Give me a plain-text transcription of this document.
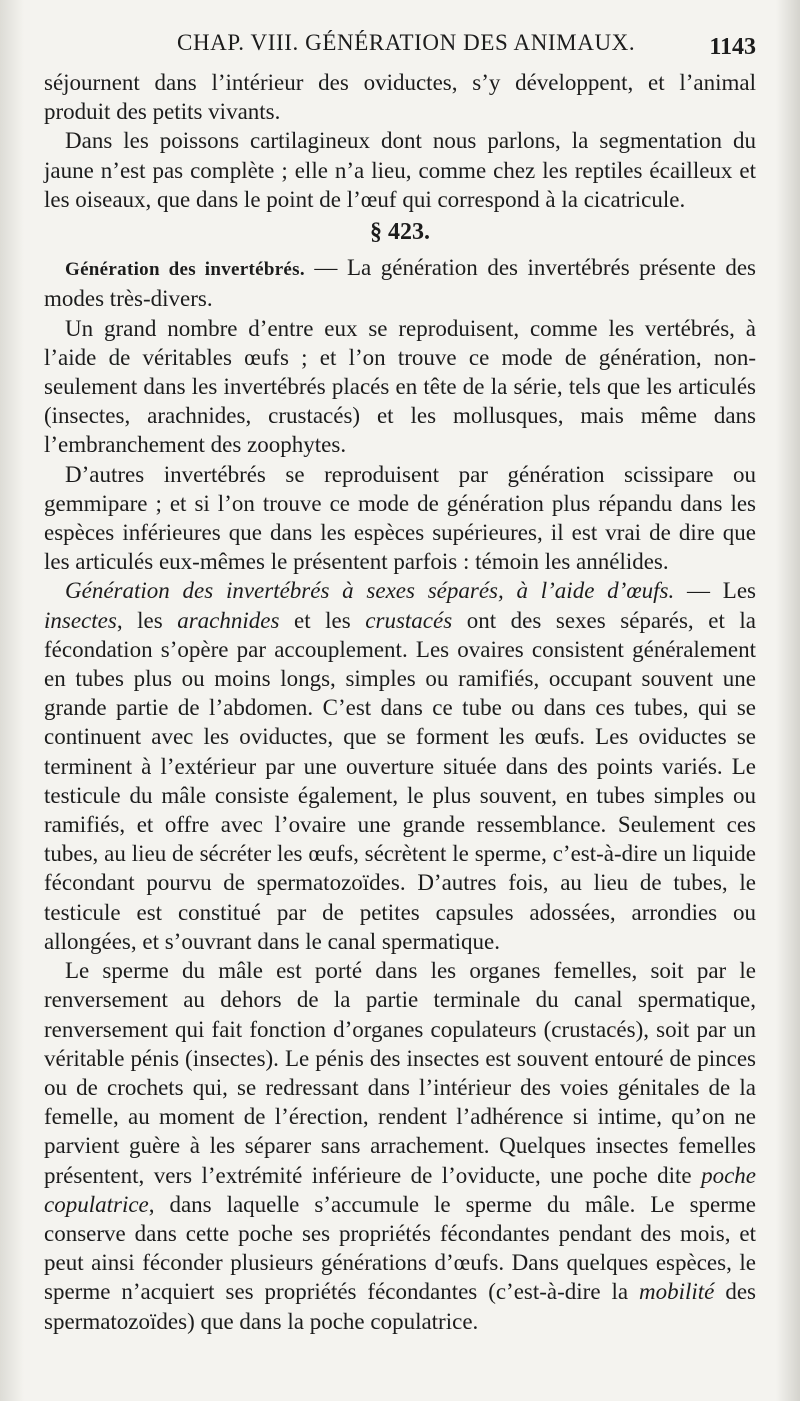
CHAP. VIII. GÉNÉRATION DES ANIMAUX.	1143

séjournent dans l’intérieur des oviductes, s’y développent, et l’animal produit des petits vivants.

Dans les poissons cartilagineux dont nous parlons, la segmentation du jaune n’est pas complète ; elle n’a lieu, comme chez les reptiles écailleux et les oiseaux, que dans le point de l’œuf qui correspond à la cicatricule.

§ 423.

Génération des invertébrés. — La génération des invertébrés présente des modes très-divers.

Un grand nombre d’entre eux se reproduisent, comme les vertébrés, à l’aide de véritables œufs ; et l’on trouve ce mode de génération, non-seulement dans les invertébrés placés en tête de la série, tels que les articulés (insectes, arachnides, crustacés) et les mollusques, mais même dans l’embranchement des zoophytes.

D’autres invertébrés se reproduisent par génération scissipare ou gemmipare ; et si l’on trouve ce mode de génération plus répandu dans les espèces inférieures que dans les espèces supérieures, il est vrai de dire que les articulés eux-mêmes le présentent parfois : témoin les annélides.

Génération des invertébrés à sexes séparés, à l’aide d’œufs. — Les insectes, les arachnides et les crustacés ont des sexes séparés, et la fécondation s’opère par accouplement. Les ovaires consistent généralement en tubes plus ou moins longs, simples ou ramifiés, occupant souvent une grande partie de l’abdomen. C’est dans ce tube ou dans ces tubes, qui se continuent avec les oviductes, que se forment les œufs. Les oviductes se terminent à l’extérieur par une ouverture située dans des points variés. Le testicule du mâle consiste également, le plus souvent, en tubes simples ou ramifiés, et offre avec l’ovaire une grande ressemblance. Seulement ces tubes, au lieu de sécréter les œufs, sécrètent le sperme, c’est-à-dire un liquide fécondant pourvu de spermatozoïdes. D’autres fois, au lieu de tubes, le testicule est constitué par de petites capsules adossées, arrondies ou allongées, et s’ouvrant dans le canal spermatique.

Le sperme du mâle est porté dans les organes femelles, soit par le renversement au dehors de la partie terminale du canal spermatique, renversement qui fait fonction d’organes copulateurs (crustacés), soit par un véritable pénis (insectes). Le pénis des insectes est souvent entouré de pinces ou de crochets qui, se redressant dans l’intérieur des voies génitales de la femelle, au moment de l’érection, rendent l’adhérence si intime, qu’on ne parvient guère à les séparer sans arrachement. Quelques insectes femelles présentent, vers l’extrémité inférieure de l’oviducte, une poche dite poche copulatrice, dans laquelle s’accumule le sperme du mâle. Le sperme conserve dans cette poche ses propriétés fécondantes pendant des mois, et peut ainsi féconder plusieurs générations d’œufs. Dans quelques espèces, le sperme n’acquiert ses propriétés fécondantes (c’est-à-dire la mobilité des spermatozoïdes) que dans la poche copulatrice.
